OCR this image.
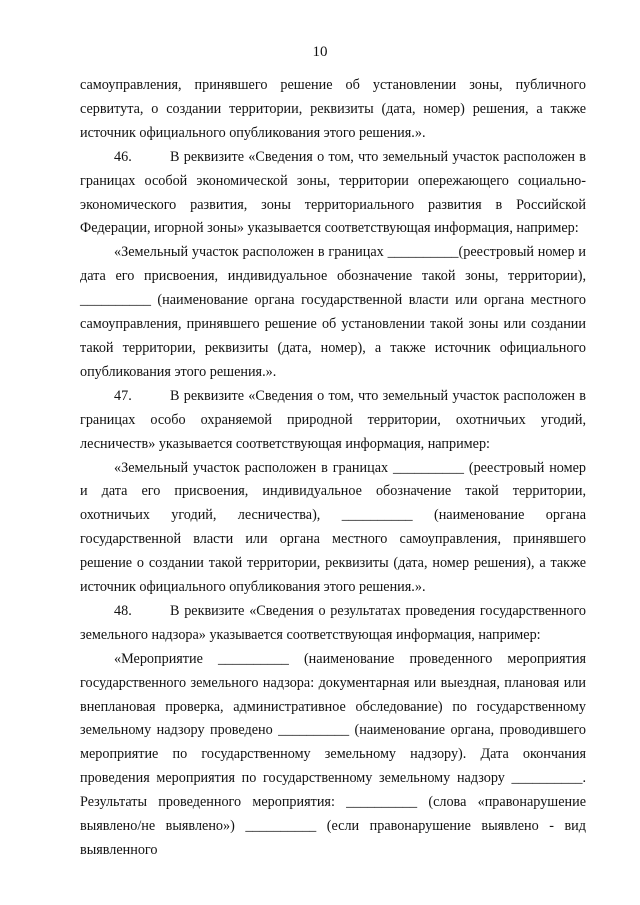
10

самоуправления, принявшего решение об установлении зоны, публичного сервитута, о создании территории, реквизиты (дата, номер) решения, а также источник официального опубликования этого решения.».

46.	В реквизите «Сведения о том, что земельный участок расположен в границах особой экономической зоны, территории опережающего социально-экономического развития, зоны территориального развития в Российской Федерации, игорной зоны» указывается соответствующая информация, например:

«Земельный участок расположен в границах __________(реестровый номер и дата его присвоения, индивидуальное обозначение такой зоны, территории), __________ (наименование органа государственной власти или органа местного самоуправления, принявшего решение об установлении такой зоны или создании такой территории, реквизиты (дата, номер), а также источник официального опубликования этого решения.».

47.	В реквизите «Сведения о том, что земельный участок расположен в границах особо охраняемой природной территории, охотничьих угодий, лесничеств» указывается соответствующая информация, например:

«Земельный участок расположен в границах __________ (реестровый номер и дата его присвоения, индивидуальное обозначение такой территории, охотничьих угодий, лесничества), __________ (наименование органа государственной власти или органа местного самоуправления, принявшего решение о создании такой территории, реквизиты (дата, номер решения), а также источник официального опубликования этого решения.».

48.	В реквизите «Сведения о результатах проведения государственного земельного надзора» указывается соответствующая информация, например:

«Мероприятие __________ (наименование проведенного мероприятия государственного земельного надзора: документарная или выездная, плановая или внеплановая проверка, административное обследование) по государственному земельному надзору проведено __________ (наименование органа, проводившего мероприятие по государственному земельному надзору). Дата окончания проведения мероприятия по государственному земельному надзору __________. Результаты проведенного мероприятия: __________ (слова «правонарушение выявлено/не выявлено») __________ (если правонарушение выявлено - вид выявленного
